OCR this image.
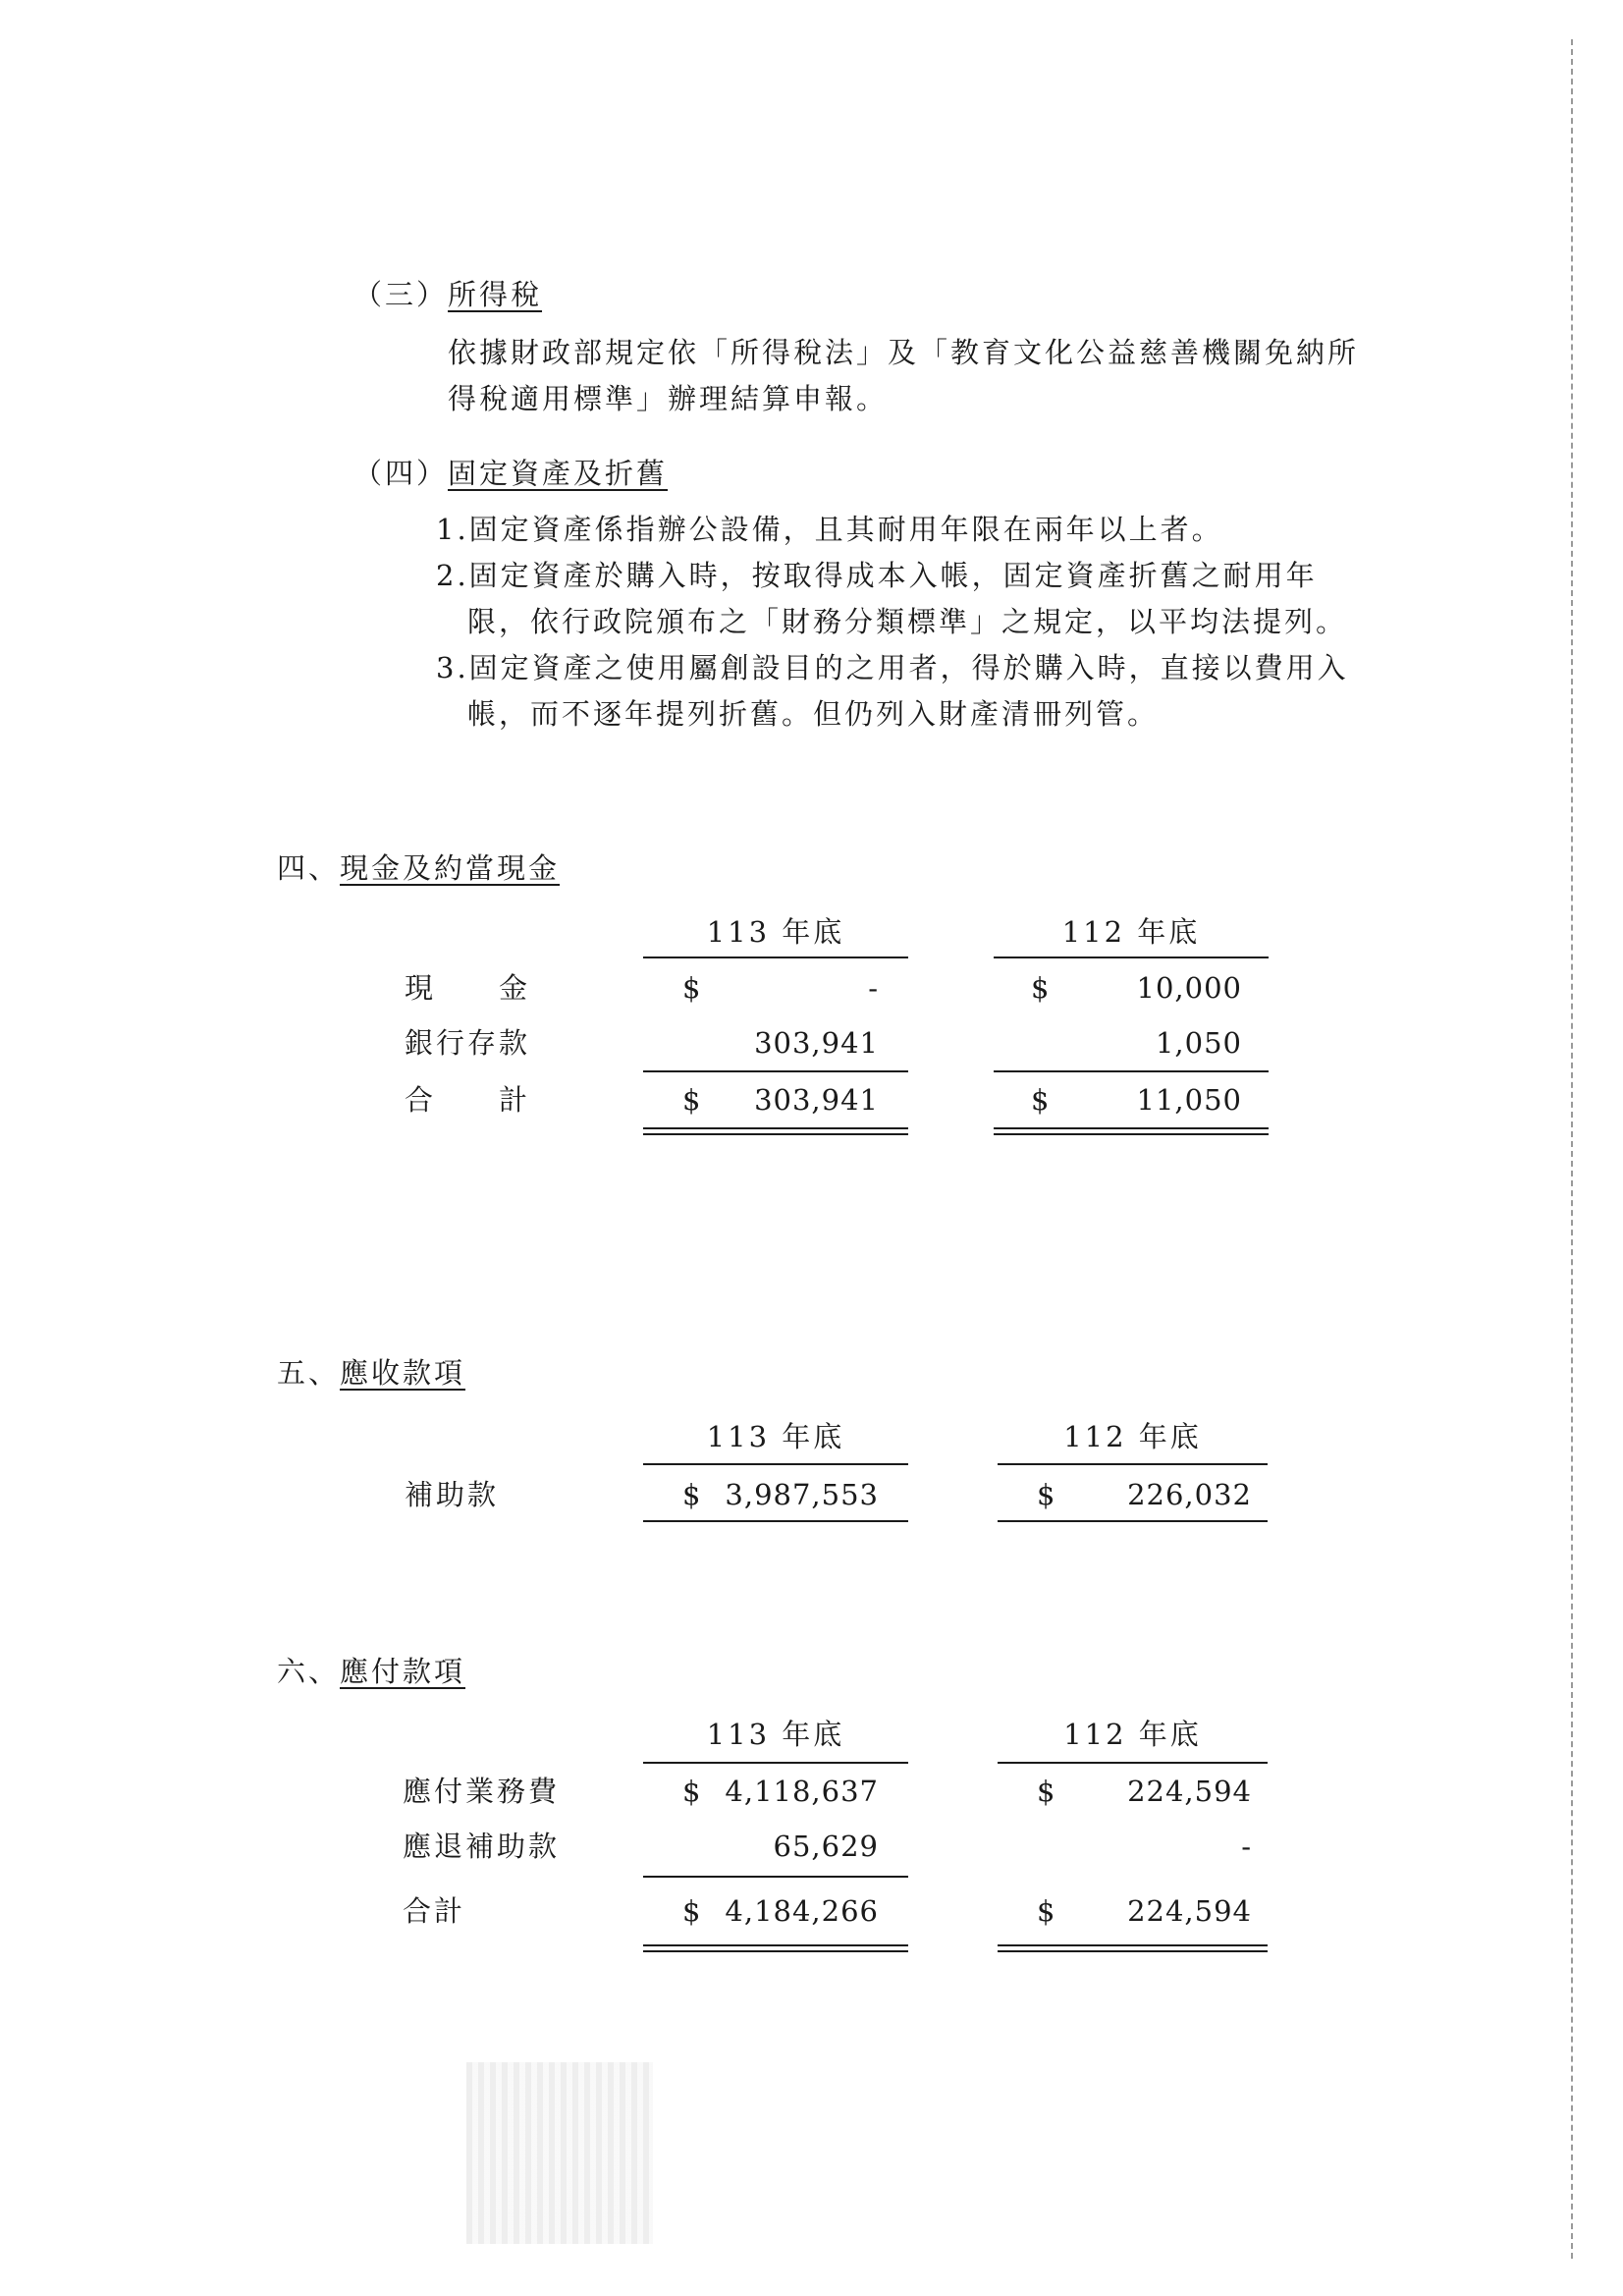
（三）所得稅
依據財政部規定依「所得稅法」及「教育文化公益慈善機關免納所
得稅適用標準」辦理結算申報。
（四）固定資產及折舊
1.固定資產係指辦公設備，且其耐用年限在兩年以上者。
2.固定資產於購入時，按取得成本入帳，固定資產折舊之耐用年
限，依行政院頒布之「財務分類標準」之規定，以平均法提列。
3.固定資產之使用屬創設目的之用者，得於購入時，直接以費用入
帳，而不逐年提列折舊。但仍列入財產清冊列管。
四、現金及約當現金
113 年底	112 年底
現　　金	$	-	$	10,000
銀行存款	303,941	1,050
合　　計	$	303,941	$	11,050
五、應收款項
113 年底	112 年底
補助款	$ 3,987,553	$	226,032
六、應付款項
113 年底	112 年底
應付業務費	$ 4,118,637	$	224,594
應退補助款	65,629	-
合計	$ 4,184,266	$	224,594
